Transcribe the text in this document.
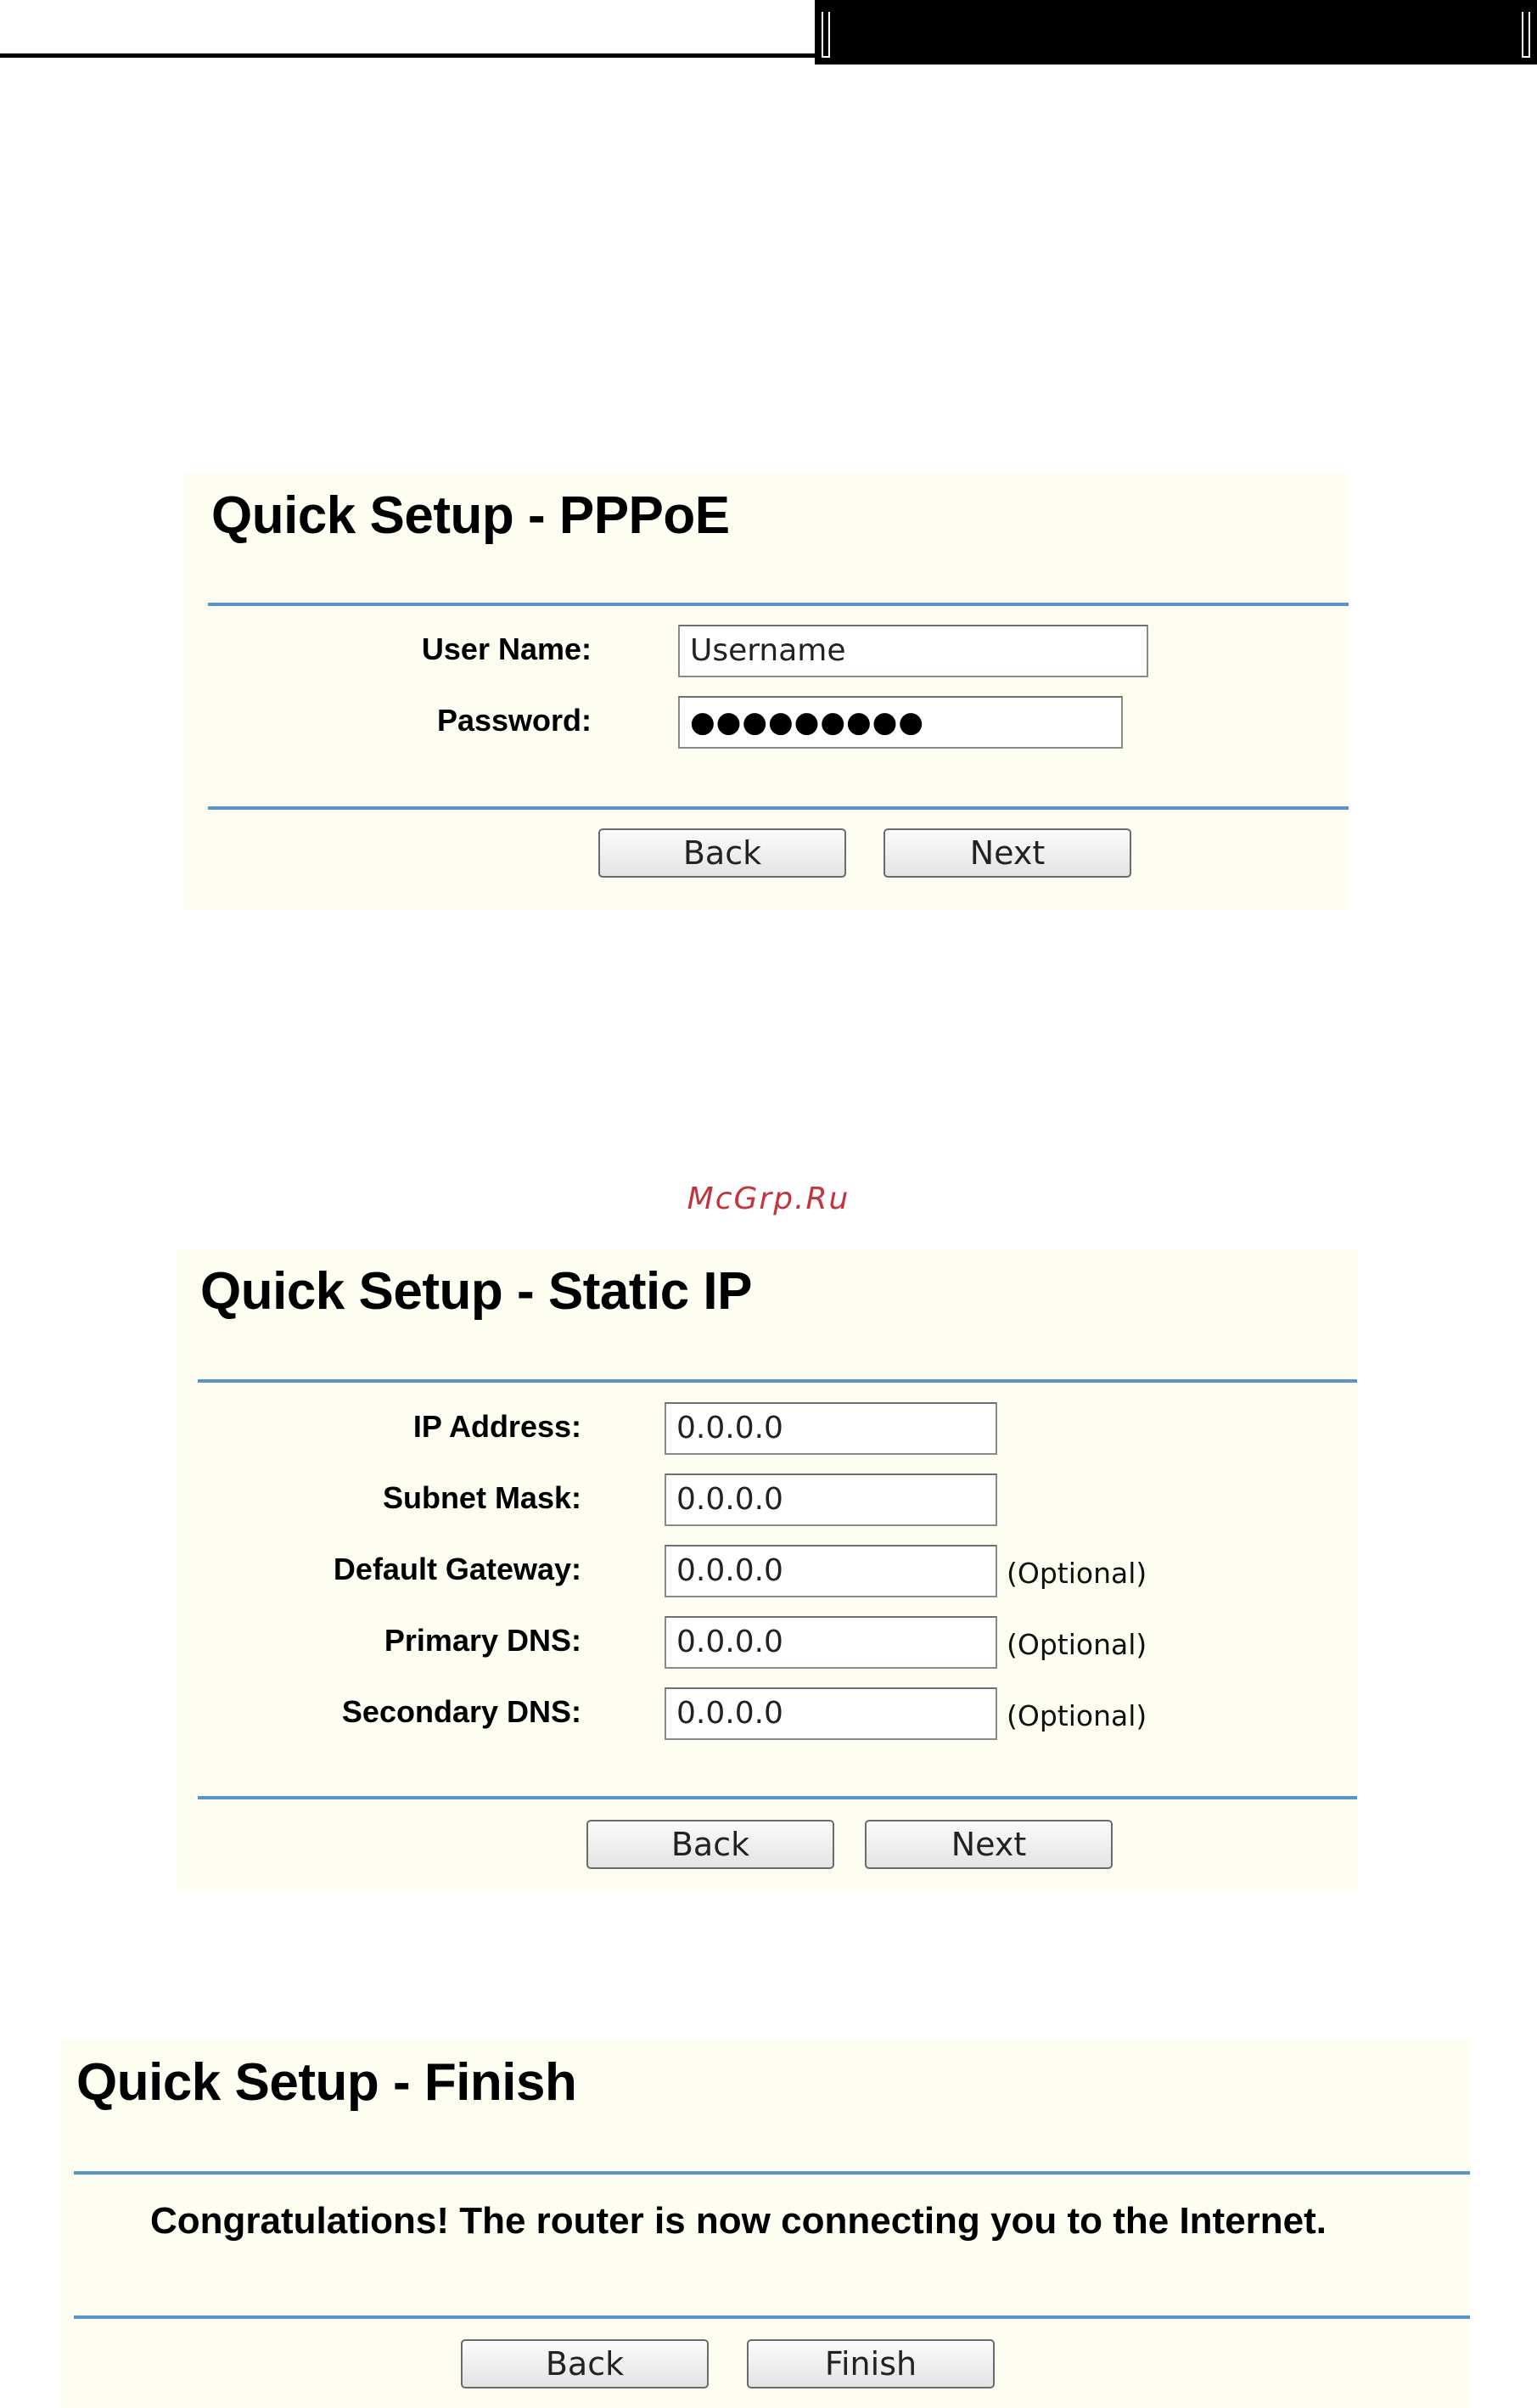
Quick Setup - PPPoE
User Name:	Username
Password:	●●●●●●●●●
Back	Next
McGrp.Ru
Quick Setup - Static IP
IP Address:	0.0.0.0
Subnet Mask:	0.0.0.0
Default Gateway:	0.0.0.0	(Optional)
Primary DNS:	0.0.0.0	(Optional)
Secondary DNS:	0.0.0.0	(Optional)
Back	Next
Quick Setup - Finish
Congratulations! The router is now connecting you to the Internet.
Back	Finish
